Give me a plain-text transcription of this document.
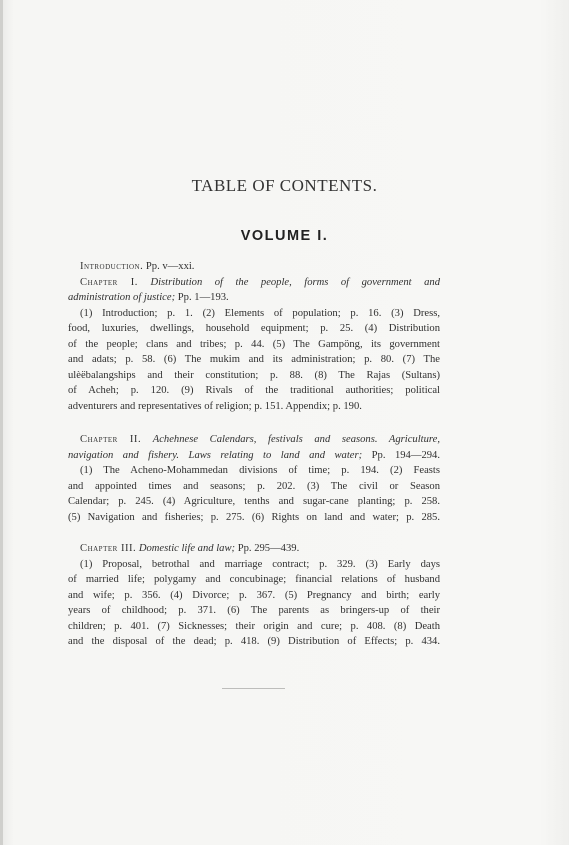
TABLE OF CONTENTS.
VOLUME I.
Introduction. Pp. v—xxi.
Chapter I. Distribution of the people, forms of government and
administration of justice; Pp. 1—193.
(1) Introduction; p. 1. (2) Elements of population; p. 16. (3) Dress,
food, luxuries, dwellings, household equipment; p. 25. (4) Distribution
of the people; clans and tribes; p. 44. (5) The Gampöng, its government
and adats; p. 58. (6) The mukim and its administration; p. 80. (7) The
ulèëbalangships and their constitution; p. 88. (8) The Rajas (Sultans)
of Acheh; p. 120. (9) Rivals of the traditional authorities; political
adventurers and representatives of religion; p. 151. Appendix; p. 190.
Chapter II. Achehnese Calendars, festivals and seasons. Agriculture,
navigation and fishery. Laws relating to land and water; Pp. 194—294.
(1) The Acheno-Mohammedan divisions of time; p. 194. (2) Feasts
and appointed times and seasons; p. 202. (3) The civil or Season
Calendar; p. 245. (4) Agriculture, tenths and sugar-cane planting; p. 258.
(5) Navigation and fisheries; p. 275. (6) Rights on land and water; p. 285.
Chapter III. Domestic life and law; Pp. 295—439.
(1) Proposal, betrothal and marriage contract; p. 329. (3) Early days
of married life; polygamy and concubinage; financial relations of husband
and wife; p. 356. (4) Divorce; p. 367. (5) Pregnancy and birth; early
years of childhood; p. 371. (6) The parents as bringers-up of their
children; p. 401. (7) Sicknesses; their origin and cure; p. 408. (8) Death
and the disposal of the dead; p. 418. (9) Distribution of Effects; p. 434.
